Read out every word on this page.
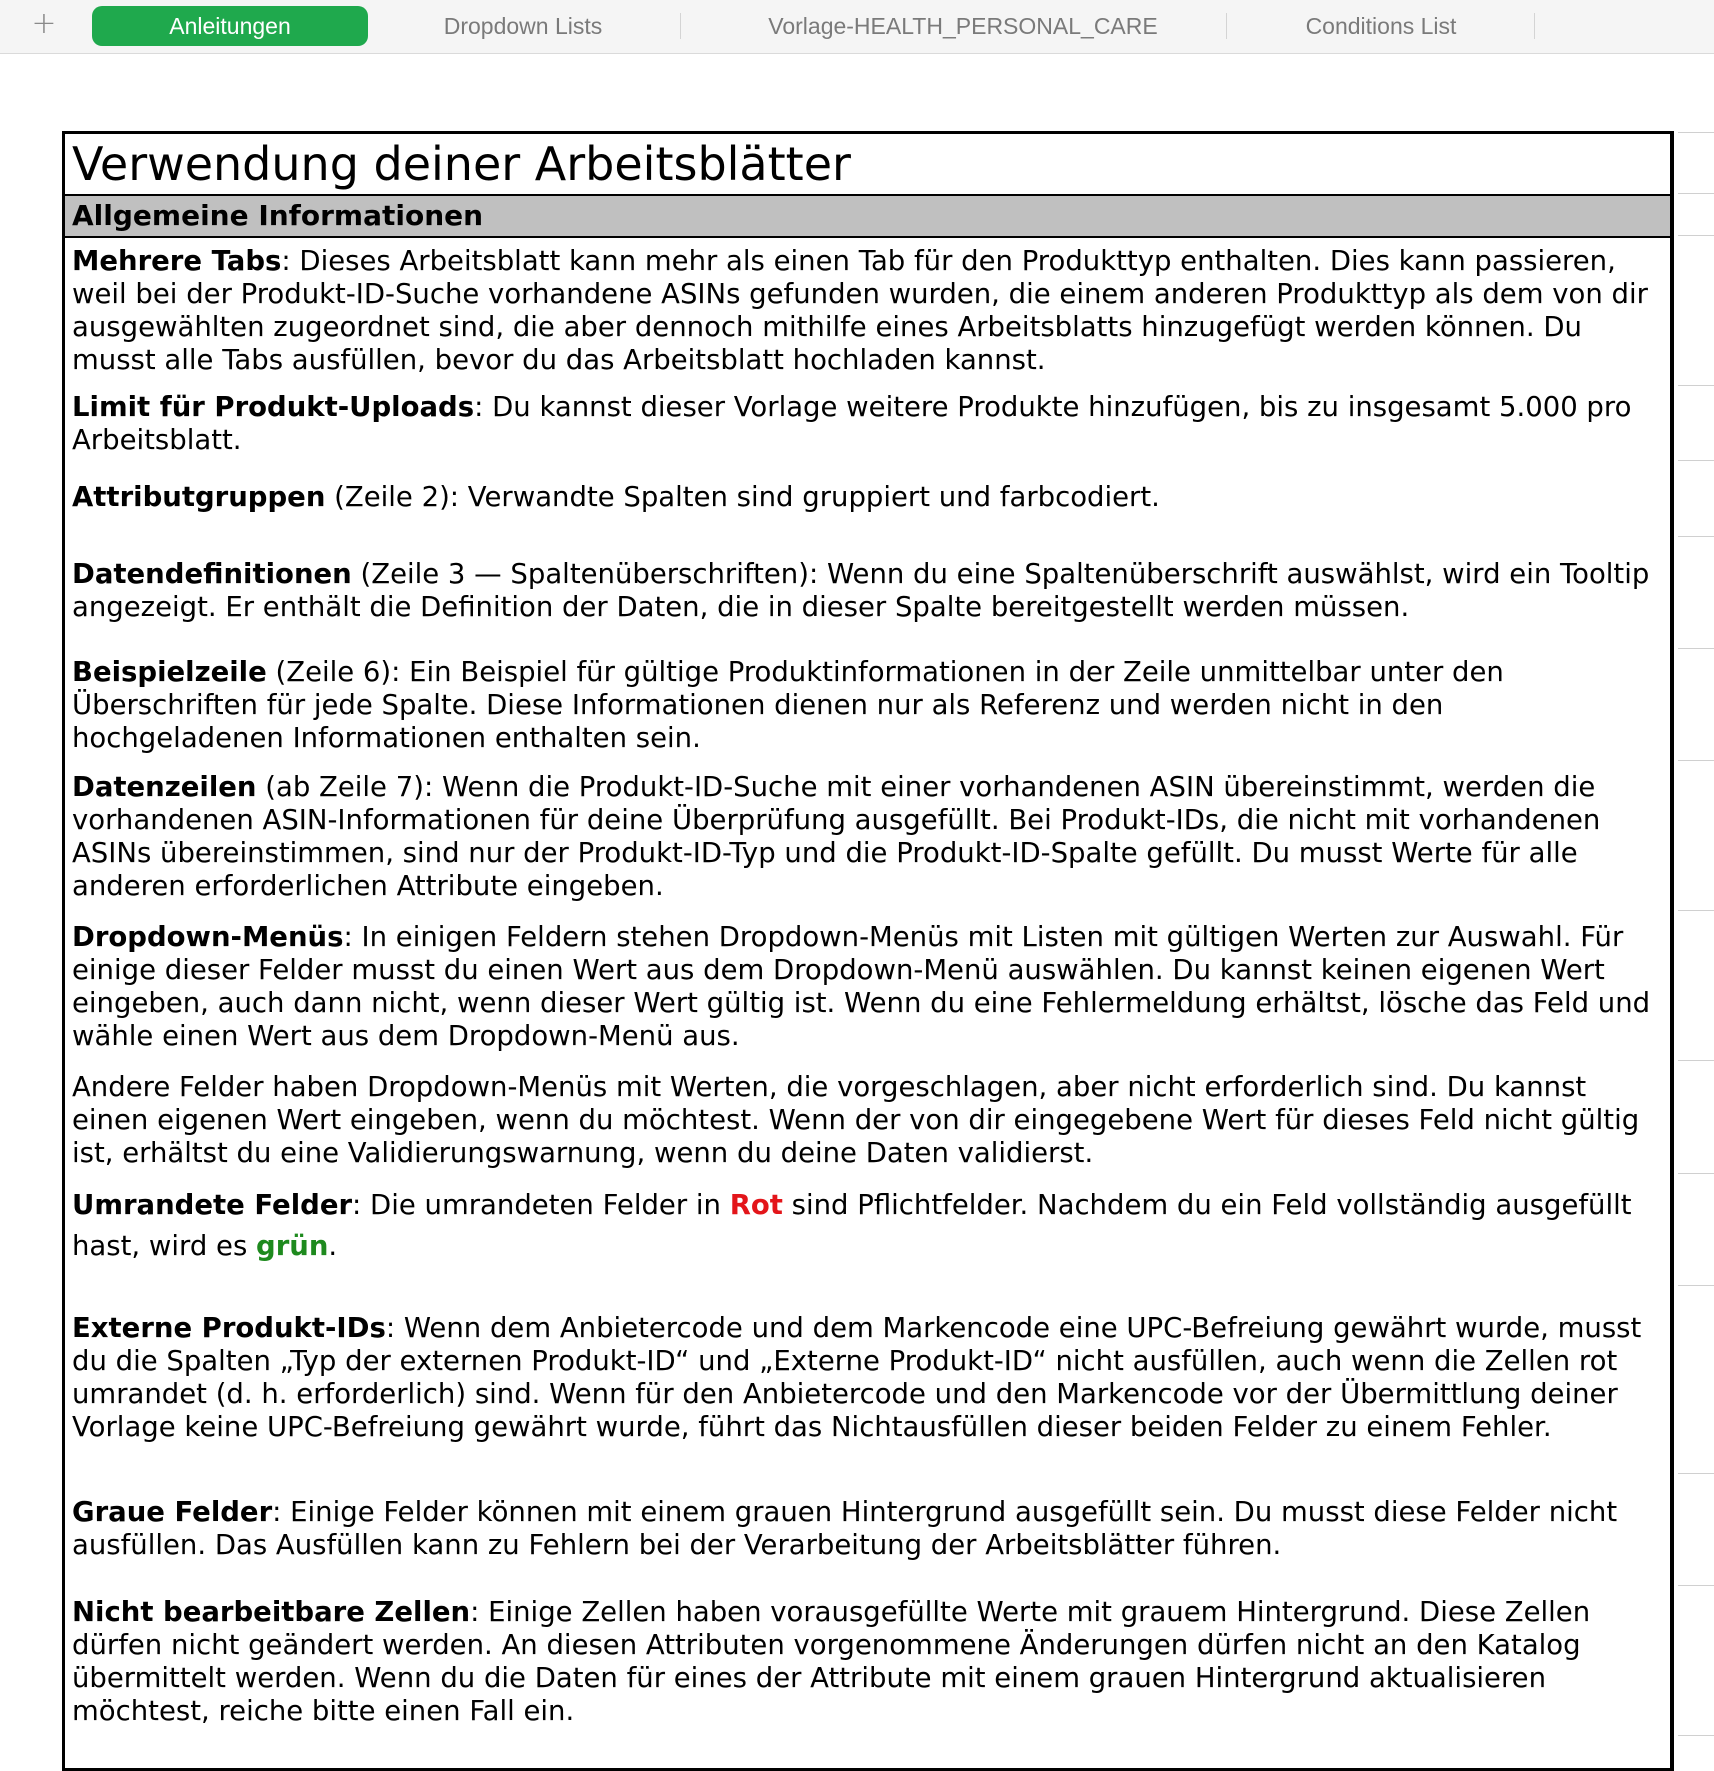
+	Anleitungen	Dropdown Lists	Vorlage-HEALTH_PERSONAL_CARE	Conditions List
Verwendung deiner Arbeitsblätter
Allgemeine Informationen
Mehrere Tabs: Dieses Arbeitsblatt kann mehr als einen Tab für den Produkttyp enthalten. Dies kann passieren,
weil bei der Produkt-ID-Suche vorhandene ASINs gefunden wurden, die einem anderen Produkttyp als dem von dir
ausgewählten zugeordnet sind, die aber dennoch mithilfe eines Arbeitsblatts hinzugefügt werden können. Du
musst alle Tabs ausfüllen, bevor du das Arbeitsblatt hochladen kannst.
Limit für Produkt-Uploads: Du kannst dieser Vorlage weitere Produkte hinzufügen, bis zu insgesamt 5.000 pro
Arbeitsblatt.
Attributgruppen (Zeile 2): Verwandte Spalten sind gruppiert und farbcodiert.
Datendefinitionen (Zeile 3 — Spaltenüberschriften): Wenn du eine Spaltenüberschrift auswählst, wird ein Tooltip
angezeigt. Er enthält die Definition der Daten, die in dieser Spalte bereitgestellt werden müssen.
Beispielzeile (Zeile 6): Ein Beispiel für gültige Produktinformationen in der Zeile unmittelbar unter den
Überschriften für jede Spalte. Diese Informationen dienen nur als Referenz und werden nicht in den
hochgeladenen Informationen enthalten sein.
Datenzeilen (ab Zeile 7): Wenn die Produkt-ID-Suche mit einer vorhandenen ASIN übereinstimmt, werden die
vorhandenen ASIN-Informationen für deine Überprüfung ausgefüllt. Bei Produkt-IDs, die nicht mit vorhandenen
ASINs übereinstimmen, sind nur der Produkt-ID-Typ und die Produkt-ID-Spalte gefüllt. Du musst Werte für alle
anderen erforderlichen Attribute eingeben.
Dropdown-Menüs: In einigen Feldern stehen Dropdown-Menüs mit Listen mit gültigen Werten zur Auswahl. Für
einige dieser Felder musst du einen Wert aus dem Dropdown-Menü auswählen. Du kannst keinen eigenen Wert
eingeben, auch dann nicht, wenn dieser Wert gültig ist. Wenn du eine Fehlermeldung erhältst, lösche das Feld und
wähle einen Wert aus dem Dropdown-Menü aus.
Andere Felder haben Dropdown-Menüs mit Werten, die vorgeschlagen, aber nicht erforderlich sind. Du kannst
einen eigenen Wert eingeben, wenn du möchtest. Wenn der von dir eingegebene Wert für dieses Feld nicht gültig
ist, erhältst du eine Validierungswarnung, wenn du deine Daten validierst.
Umrandete Felder: Die umrandeten Felder in Rot sind Pflichtfelder. Nachdem du ein Feld vollständig ausgefüllt
hast, wird es grün.
Externe Produkt-IDs: Wenn dem Anbietercode und dem Markencode eine UPC-Befreiung gewährt wurde, musst
du die Spalten „Typ der externen Produkt-ID“ und „Externe Produkt-ID“ nicht ausfüllen, auch wenn die Zellen rot
umrandet (d. h. erforderlich) sind. Wenn für den Anbietercode und den Markencode vor der Übermittlung deiner
Vorlage keine UPC-Befreiung gewährt wurde, führt das Nichtausfüllen dieser beiden Felder zu einem Fehler.
Graue Felder: Einige Felder können mit einem grauen Hintergrund ausgefüllt sein. Du musst diese Felder nicht
ausfüllen. Das Ausfüllen kann zu Fehlern bei der Verarbeitung der Arbeitsblätter führen.
Nicht bearbeitbare Zellen: Einige Zellen haben vorausgefüllte Werte mit grauem Hintergrund. Diese Zellen
dürfen nicht geändert werden. An diesen Attributen vorgenommene Änderungen dürfen nicht an den Katalog
übermittelt werden. Wenn du die Daten für eines der Attribute mit einem grauen Hintergrund aktualisieren
möchtest, reiche bitte einen Fall ein.
